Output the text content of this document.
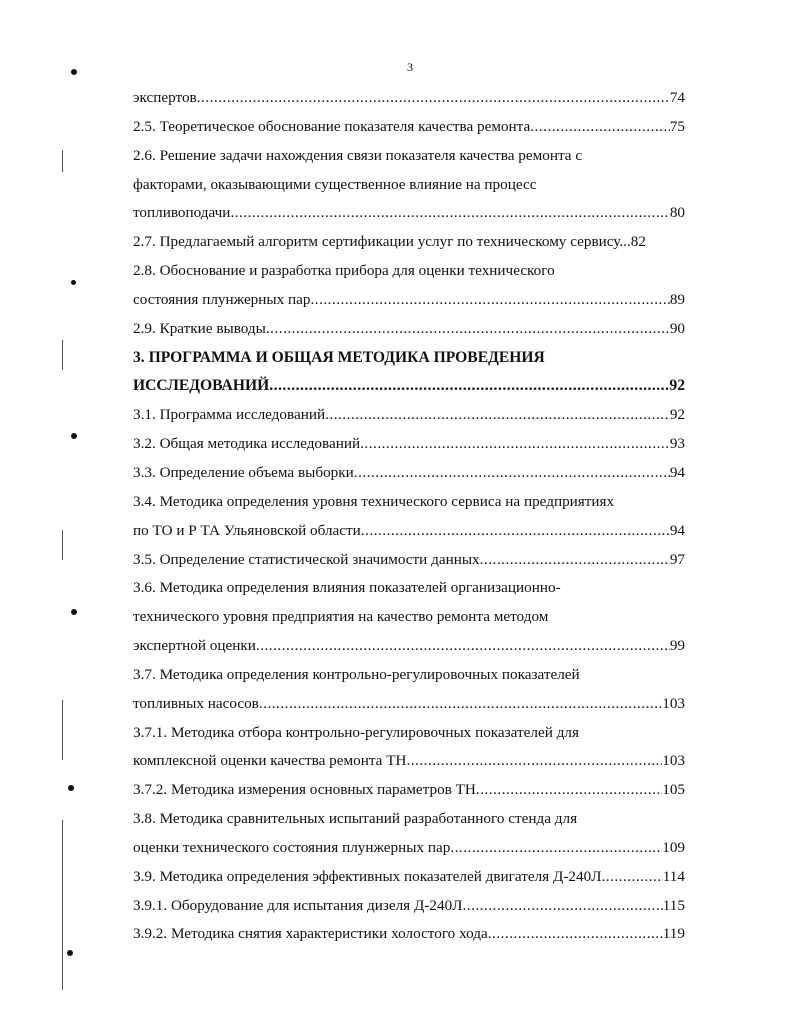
3
экспертов .....	74
2.5. Теоретическое обоснование показателя качества ремонта .....	75
2.6. Решение задачи нахождения связи показателя качества ремонта с
факторами, оказывающими существенное влияние на процесс
топливоподачи .....	80
2.7. Предлагаемый алгоритм сертификации услуг по техническому сервису...82
2.8. Обоснование и разработка прибора для оценки технического
состояния плунжерных пар .....	89
2.9. Краткие выводы .....	90
3. ПРОГРАММА И ОБЩАЯ МЕТОДИКА ПРОВЕДЕНИЯ
ИССЛЕДОВАНИЙ .....	92
3.1. Программа исследований .....	92
3.2. Общая методика исследований .....	93
3.3. Определение объема выборки .....	94
3.4. Методика определения уровня технического сервиса на предприятиях
по ТО и Р ТА Ульяновской области .....	94
3.5. Определение статистической значимости данных .....	97
3.6. Методика определения влияния показателей организационно-
технического уровня предприятия на качество ремонта методом
экспертной оценки .....	99
3.7. Методика определения контрольно-регулировочных показателей
топливных насосов .....	103
3.7.1. Методика отбора контрольно-регулировочных показателей для
комплексной оценки качества ремонта ТН .....	103
3.7.2. Методика измерения основных параметров ТН .....	105
3.8. Методика сравнительных испытаний разработанного стенда для
оценки технического состояния плунжерных пар .....	109
3.9. Методика определения эффективных показателей двигателя Д-240Л .....	114
3.9.1. Оборудование для испытания дизеля Д-240Л .....	115
3.9.2. Методика снятия характеристики холостого хода .....	119
